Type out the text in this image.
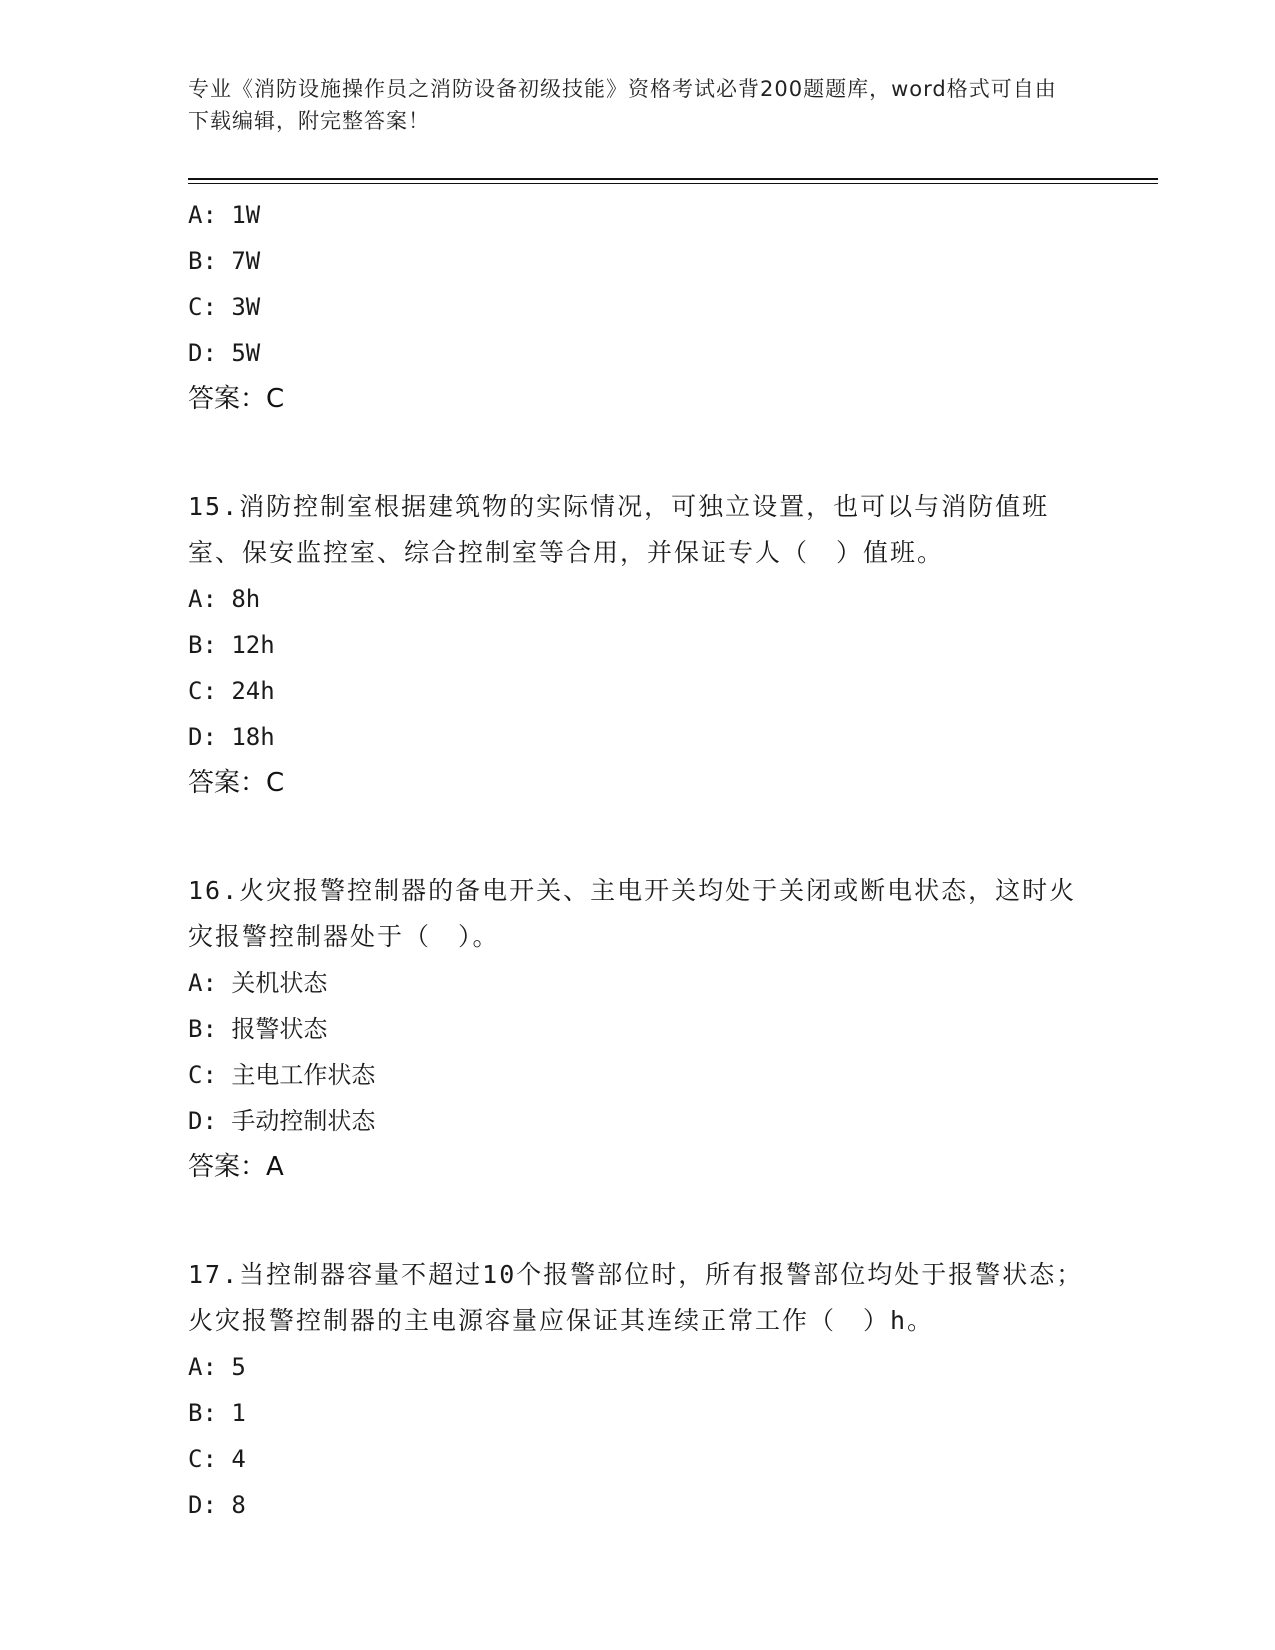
专业《消防设施操作员之消防设备初级技能》资格考试必背200题题库，word格式可自由下载编辑，附完整答案！
A: 1W
B: 7W
C: 3W
D: 5W
答案：C
15.消防控制室根据建筑物的实际情况，可独立设置，也可以与消防值班室、保安监控室、综合控制室等合用，并保证专人（　）值班。
A: 8h
B: 12h
C: 24h
D: 18h
答案：C
16.火灾报警控制器的备电开关、主电开关均处于关闭或断电状态，这时火灾报警控制器处于（　）。
A: 关机状态
B: 报警状态
C: 主电工作状态
D: 手动控制状态
答案：A
17.当控制器容量不超过10个报警部位时，所有报警部位均处于报警状态；火灾报警控制器的主电源容量应保证其连续正常工作（　）h。
A: 5
B: 1
C: 4
D: 8
